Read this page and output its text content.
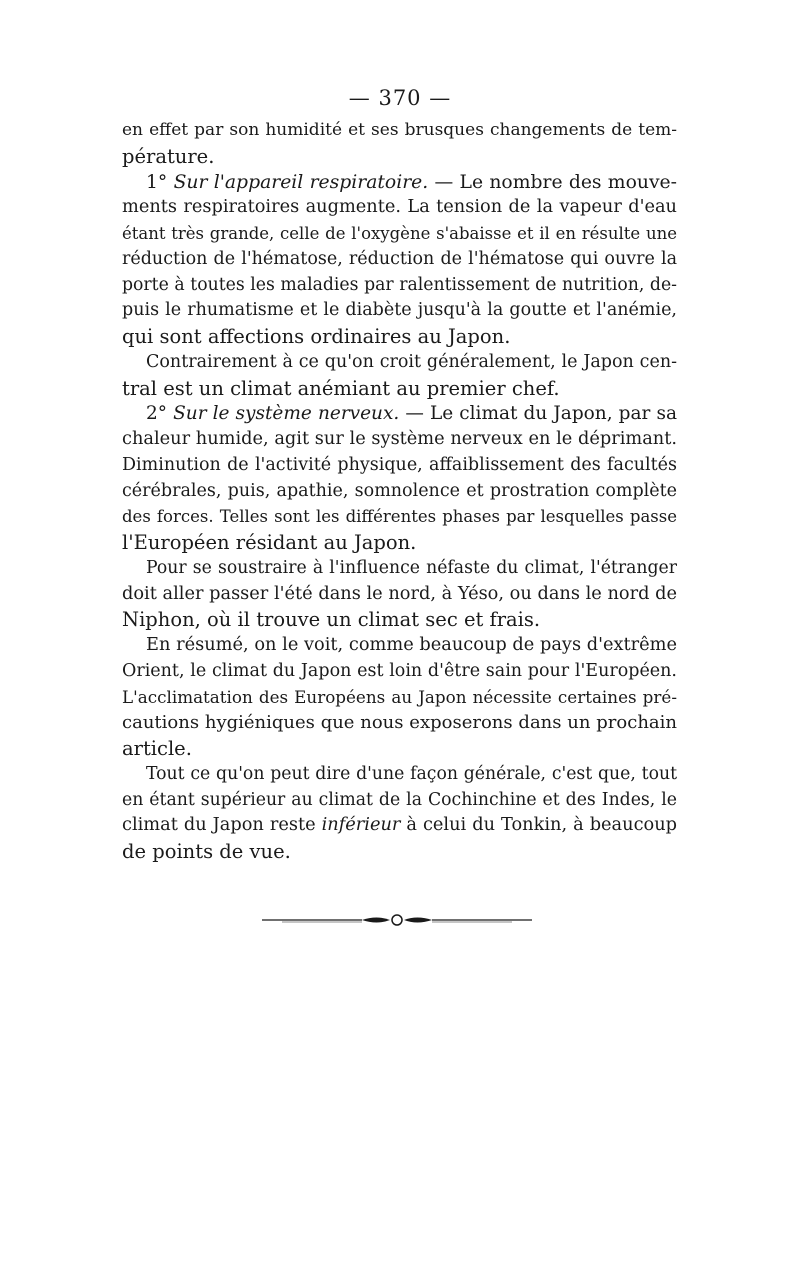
— 370 —
en effet par son humidité et ses brusques changements de tem-
pérature.
1° Sur l'appareil respiratoire. — Le nombre des mouve-
ments respiratoires augmente. La tension de la vapeur d'eau
étant très grande, celle de l'oxygène s'abaisse et il en résulte une
réduction de l'hématose, réduction de l'hématose qui ouvre la
porte à toutes les maladies par ralentissement de nutrition, de-
puis le rhumatisme et le diabète jusqu'à la goutte et l'anémie,
qui sont affections ordinaires au Japon.
Contrairement à ce qu'on croit généralement, le Japon cen-
tral est un climat anémiant au premier chef.
2° Sur le système nerveux. — Le climat du Japon, par sa
chaleur humide, agit sur le système nerveux en le déprimant.
Diminution de l'activité physique, affaiblissement des facultés
cérébrales, puis, apathie, somnolence et prostration complète
des forces. Telles sont les différentes phases par lesquelles passe
l'Européen résidant au Japon.
Pour se soustraire à l'influence néfaste du climat, l'étranger
doit aller passer l'été dans le nord, à Yéso, ou dans le nord de
Niphon, où il trouve un climat sec et frais.
En résumé, on le voit, comme beaucoup de pays d'extrême
Orient, le climat du Japon est loin d'être sain pour l'Européen.
L'acclimatation des Européens au Japon nécessite certaines pré-
cautions hygiéniques que nous exposerons dans un prochain
article.
Tout ce qu'on peut dire d'une façon générale, c'est que, tout
en étant supérieur au climat de la Cochinchine et des Indes, le
climat du Japon reste inférieur à celui du Tonkin, à beaucoup
de points de vue.
